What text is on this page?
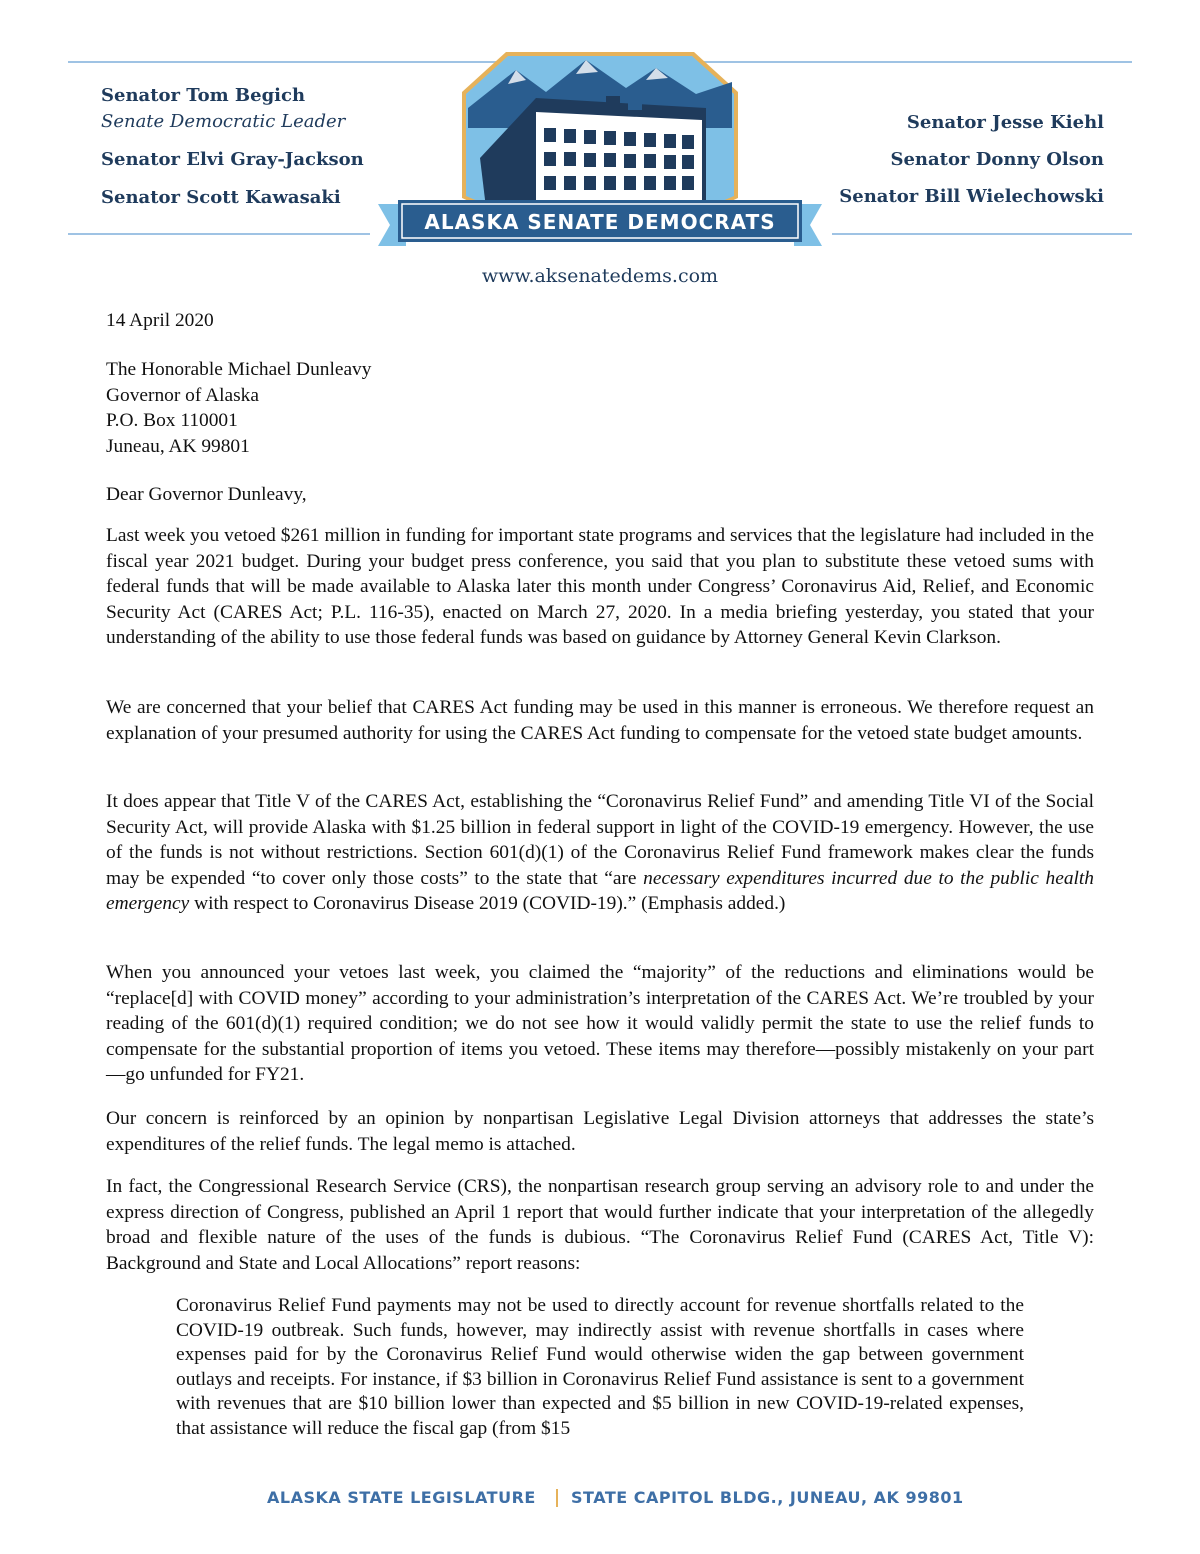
Senator Tom Begich
Senate Democratic Leader
Senator Elvi Gray-Jackson
Senator Scott Kawasaki
Senator Jesse Kiehl
Senator Donny Olson
Senator Bill Wielechowski
ALASKA SENATE DEMOCRATS
www.aksenatedems.com
14 April 2020
The Honorable Michael Dunleavy
Governor of Alaska
P.O. Box 110001
Juneau, AK 99801
Dear Governor Dunleavy,
Last week you vetoed $261 million in funding for important state programs and services that the legislature had included in the fiscal year 2021 budget. During your budget press conference, you said that you plan to substitute these vetoed sums with federal funds that will be made available to Alaska later this month under Congress’ Coronavirus Aid, Relief, and Economic Security Act (CARES Act; P.L. 116-35), enacted on March 27, 2020. In a media briefing yesterday, you stated that your understanding of the ability to use those federal funds was based on guidance by Attorney General Kevin Clarkson.
We are concerned that your belief that CARES Act funding may be used in this manner is erroneous. We therefore request an explanation of your presumed authority for using the CARES Act funding to compensate for the vetoed state budget amounts.
It does appear that Title V of the CARES Act, establishing the “Coronavirus Relief Fund” and amending Title VI of the Social Security Act, will provide Alaska with $1.25 billion in federal support in light of the COVID-19 emergency. However, the use of the funds is not without restrictions. Section 601(d)(1) of the Coronavirus Relief Fund framework makes clear the funds may be expended “to cover only those costs” to the state that “are necessary expenditures incurred due to the public health emergency with respect to Coronavirus Disease 2019 (COVID-19).” (Emphasis added.)
When you announced your vetoes last week, you claimed the “majority” of the reductions and eliminations would be “replace[d] with COVID money” according to your administration’s interpretation of the CARES Act. We’re troubled by your reading of the 601(d)(1) required condition; we do not see how it would validly permit the state to use the relief funds to compensate for the substantial proportion of items you vetoed. These items may therefore—possibly mistakenly on your part—go unfunded for FY21.
Our concern is reinforced by an opinion by nonpartisan Legislative Legal Division attorneys that addresses the state’s expenditures of the relief funds. The legal memo is attached.
In fact, the Congressional Research Service (CRS), the nonpartisan research group serving an advisory role to and under the express direction of Congress, published an April 1 report that would further indicate that your interpretation of the allegedly broad and flexible nature of the uses of the funds is dubious. “The Coronavirus Relief Fund (CARES Act, Title V): Background and State and Local Allocations” report reasons:
Coronavirus Relief Fund payments may not be used to directly account for revenue shortfalls related to the COVID-19 outbreak. Such funds, however, may indirectly assist with revenue shortfalls in cases where expenses paid for by the Coronavirus Relief Fund would otherwise widen the gap between government outlays and receipts. For instance, if $3 billion in Coronavirus Relief Fund assistance is sent to a government with revenues that are $10 billion lower than expected and $5 billion in new COVID-19-related expenses, that assistance will reduce the fiscal gap (from $15
ALASKA STATE LEGISLATURE STATE CAPITOL BLDG., JUNEAU, AK 99801
